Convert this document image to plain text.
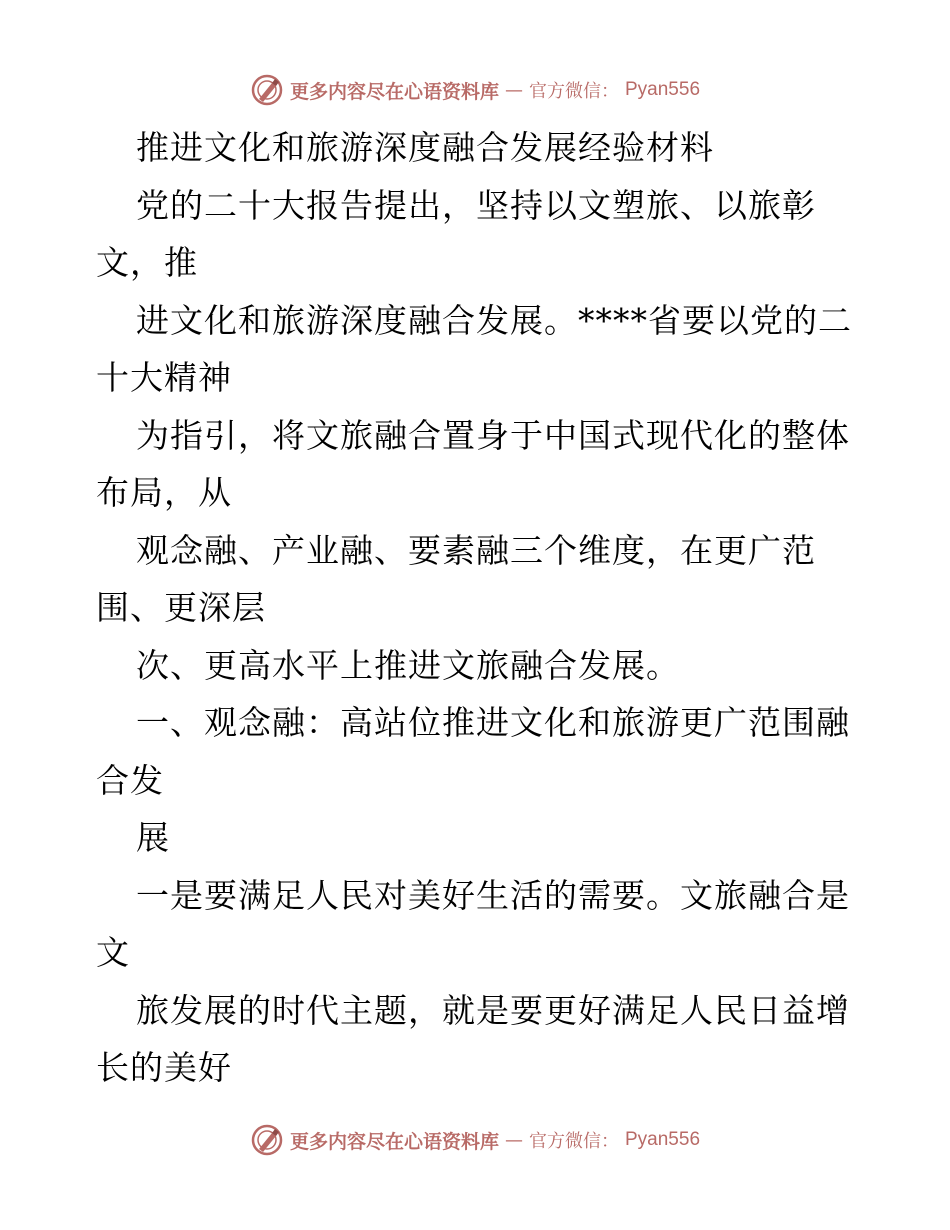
更多内容尽在心语资料库 — 官方微信： Pyan556
推进文化和旅游深度融合发展经验材料
党的二十大报告提出，坚持以文塑旅、以旅彰
文，推
进文化和旅游深度融合发展。****省要以党的二
十大精神
为指引，将文旅融合置身于中国式现代化的整体
布局，从
观念融、产业融、要素融三个维度，在更广范
围、更深层
次、更高水平上推进文旅融合发展。
一、观念融：高站位推进文化和旅游更广范围融
合发
展
一是要满足人民对美好生活的需要。文旅融合是
文
旅发展的时代主题，就是要更好满足人民日益增
长的美好
更多内容尽在心语资料库 — 官方微信： Pyan556
